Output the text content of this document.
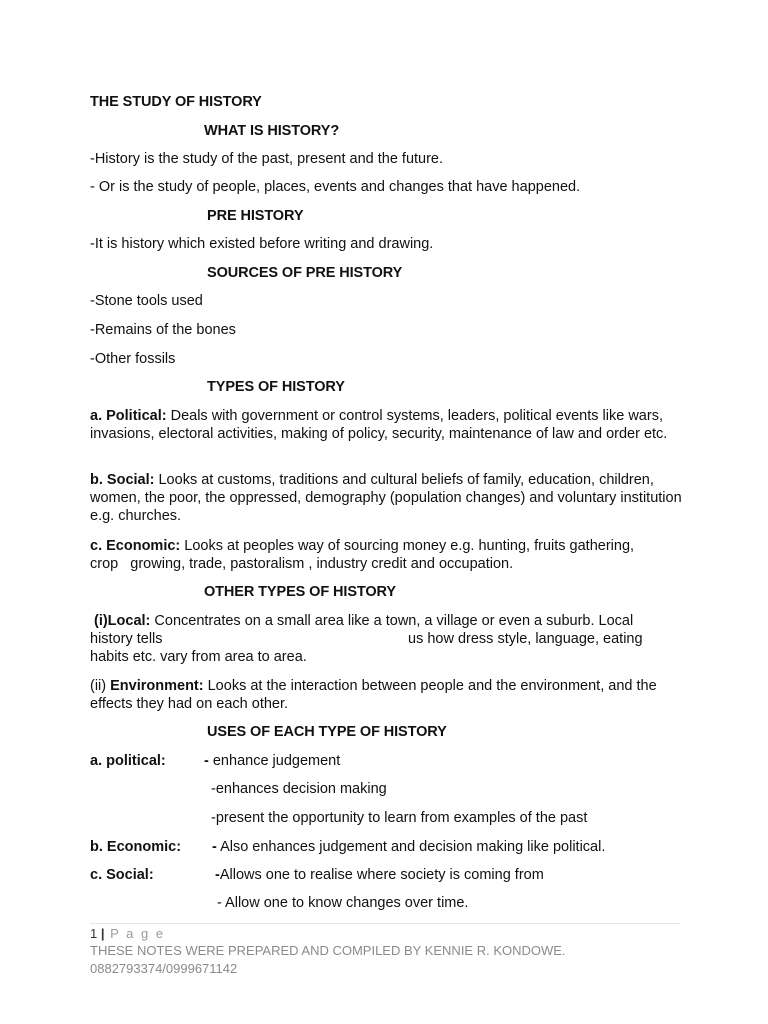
THE STUDY OF HISTORY
WHAT IS HISTORY?
-History is the study of the past, present and the future.
- Or is the study of people, places, events and changes that have happened.
PRE HISTORY
-It is history which existed before writing and drawing.
SOURCES OF PRE HISTORY
-Stone tools used
-Remains of the bones
-Other fossils
TYPES OF HISTORY
a. Political: Deals with government or control systems, leaders, political events like wars, invasions, electoral activities, making of policy, security, maintenance of law and order etc.
b. Social: Looks at customs, traditions and cultural beliefs of family, education, children, women, the poor, the oppressed, demography (population changes) and voluntary institution e.g. churches.
c. Economic: Looks at peoples way of sourcing money e.g. hunting, fruits gathering,
crop   growing, trade, pastoralism , industry credit and occupation.
OTHER TYPES OF HISTORY
(i)Local: Concentrates on a small area like a town, a village or even a suburb. Local
history tells	us how dress style, language, eating
habits etc. vary from area to area.
(ii) Environment: Looks at the interaction between people and the environment, and the effects they had on each other.
USES OF EACH TYPE OF HISTORY
a. political:	- enhance judgement
-enhances decision making
-present the opportunity to learn from examples of the past
b. Economic: - Also enhances judgement and decision making like political.
c. Social:	-Allows one to realise where society is coming from
- Allow one to know changes over time.
1 | P a g e
THESE NOTES WERE PREPARED AND COMPILED BY KENNIE R. KONDOWE.
0882793374/0999671142
